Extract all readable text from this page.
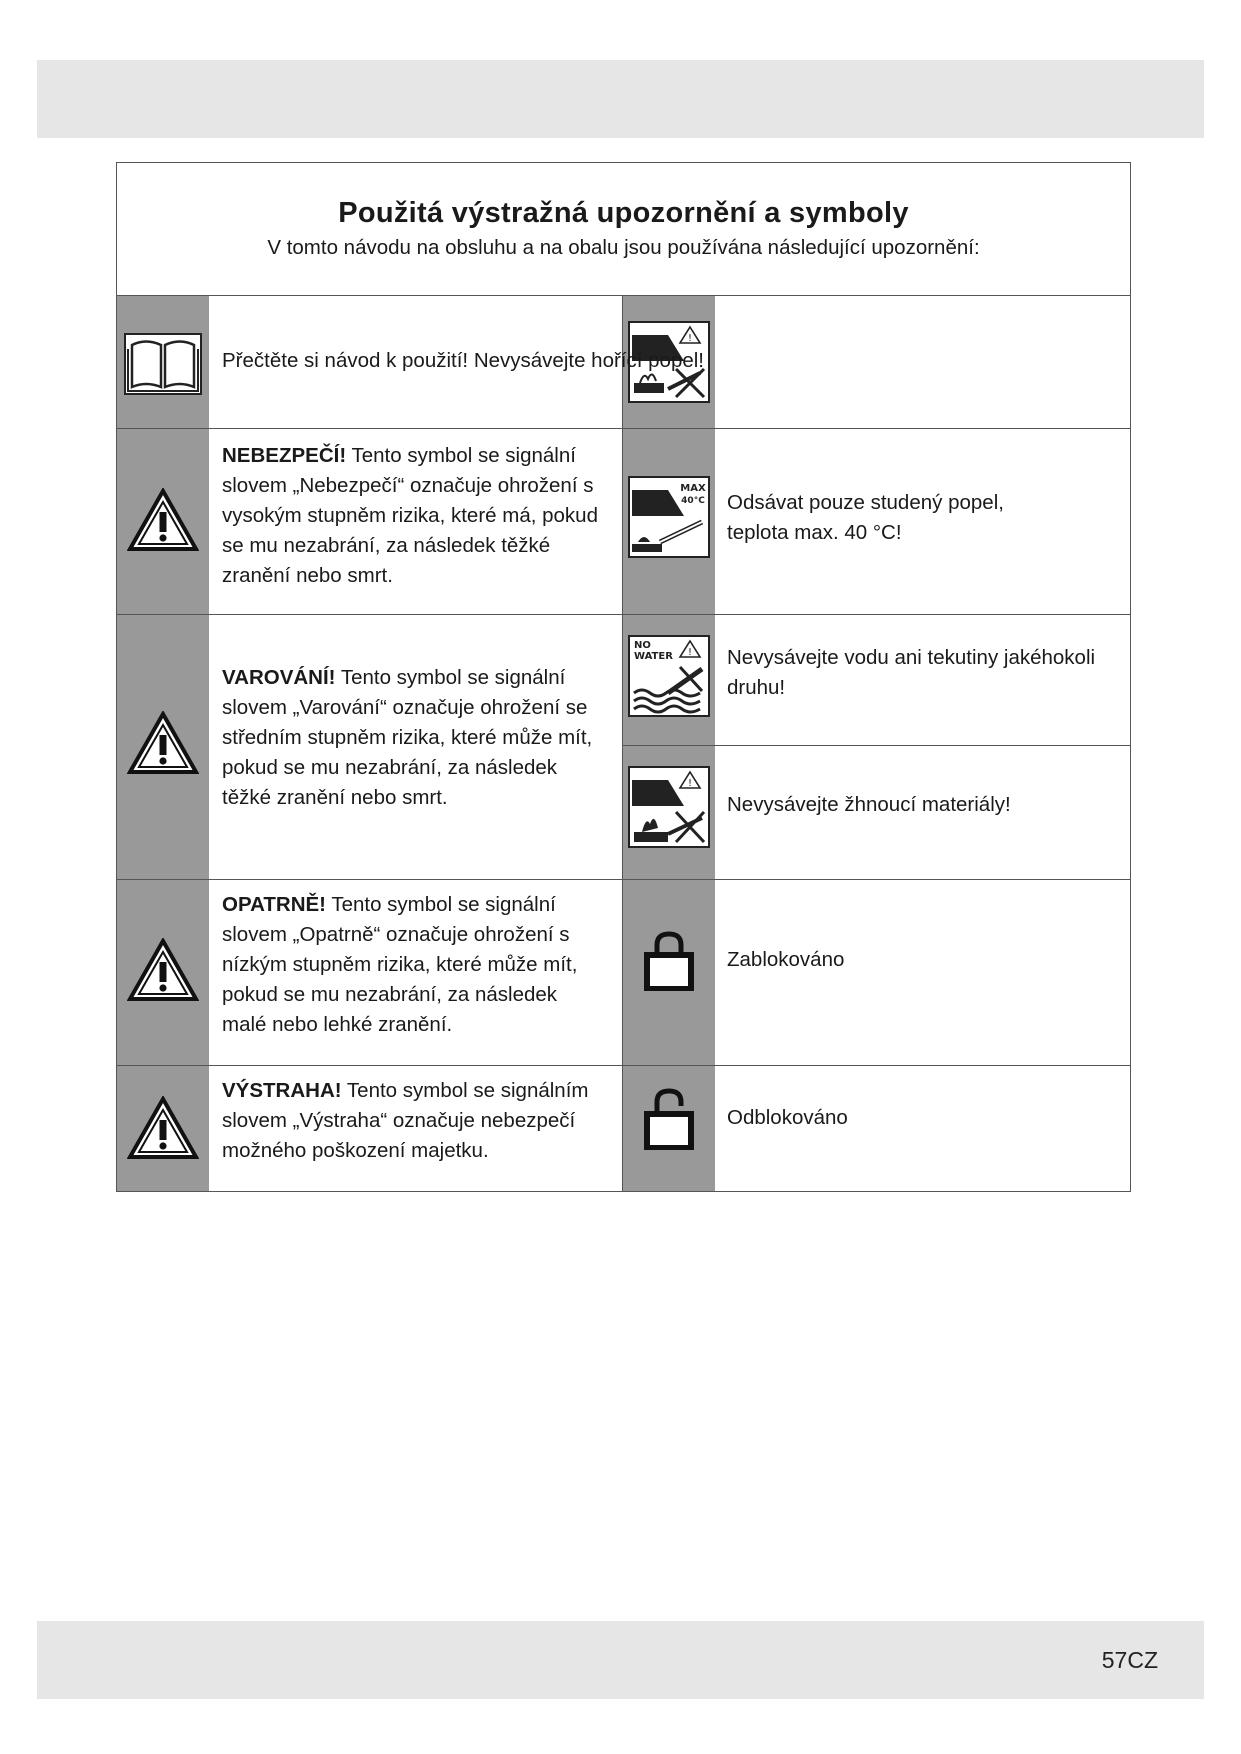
Použitá výstražná upozornění a symboly
V tomto návodu na obsluhu a na obalu jsou používána následující upozornění:
Přečtěte si návod k použití! Nevysávejte hořící popel!
NEBEZPEČÍ! Tento symbol se signální
slovem „Nebezpečí“ označuje ohrožení s
vysokým stupněm rizika, které má, pokud
se mu nezabrání, za následek těžké
zranění nebo smrt.
VAROVÁNÍ! Tento symbol se signální
slovem „Varování“ označuje ohrožení se
středním stupněm rizika, které může mít,
pokud se mu nezabrání, za následek
těžké zranění nebo smrt.
OPATRNĚ! Tento symbol se signální
slovem „Opatrně“ označuje ohrožení s
nízkým stupněm rizika, které může mít,
pokud se mu nezabrání, za následek
malé nebo lehké zranění.
VÝSTRAHA! Tento symbol se signálním
slovem „Výstraha“ označuje nebezpečí
možného poškození majetku.
!
MAX
40°C Odsávat pouze studený popel,
teplota max. 40 °C!
NO
WATER ! Nevysávejte vodu ani tekutiny jakéhokoli
druhu!
!
Nevysávejte žhnoucí materiály!
Zablokováno
Odblokováno
57CZ
